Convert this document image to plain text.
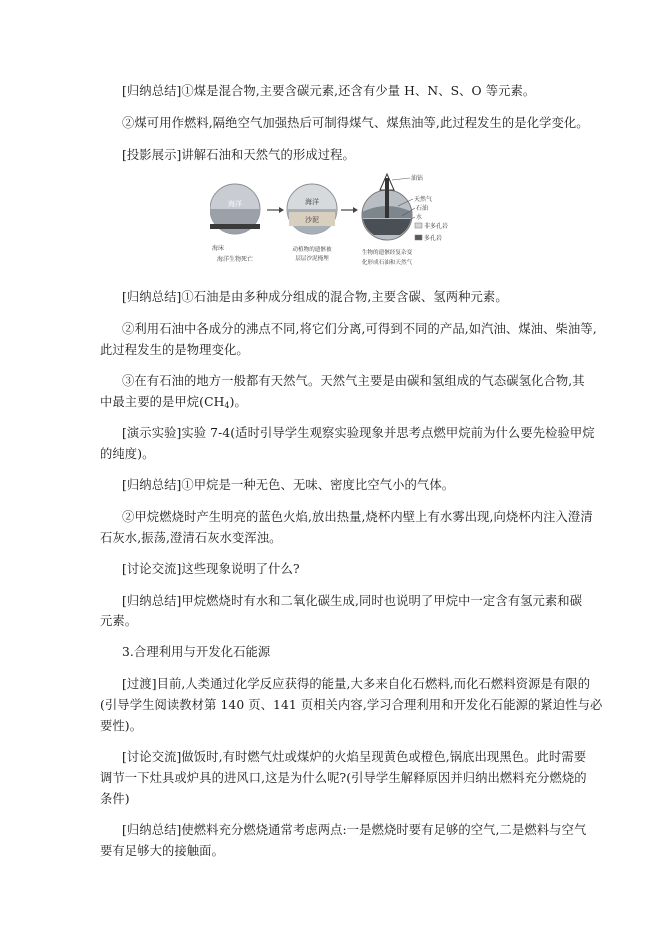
[归纳总结]①煤是混合物,主要含碳元素,还含有少量 H、N、S、O 等元素。
②煤可用作燃料,隔绝空气加强热后可制得煤气、煤焦油等,此过程发生的是化学变化。
[投影展示]讲解石油和天然气的形成过程。
海洋
海床
海洋生物死亡
海洋
沙泥
动植物的遗骸被
层层沙泥掩埋
油钻
天然气
石油
水
非多孔岩
多孔岩
生物的遗骸经复杂变
化形成石油和天然气
[归纳总结]①石油是由多种成分组成的混合物,主要含碳、氢两种元素。
②利用石油中各成分的沸点不同,将它们分离,可得到不同的产品,如汽油、煤油、柴油等,
此过程发生的是物理变化。
③在有石油的地方一般都有天然气。天然气主要是由碳和氢组成的气态碳氢化合物,其
中最主要的是甲烷$(CH_4)$。
[演示实验]实验 7-4(适时引导学生观察实验现象并思考点燃甲烷前为什么要先检验甲烷
的纯度)。
[归纳总结]①甲烷是一种无色、无味、密度比空气小的气体。
②甲烷燃烧时产生明亮的蓝色火焰,放出热量,烧杯内壁上有水雾出现,向烧杯内注入澄清
石灰水,振荡,澄清石灰水变浑浊。
[讨论交流]这些现象说明了什么?
[归纳总结]甲烷燃烧时有水和二氧化碳生成,同时也说明了甲烷中一定含有氢元素和碳
元素。
3.合理利用与开发化石能源
[过渡]目前,人类通过化学反应获得的能量,大多来自化石燃料,而化石燃料资源是有限的
(引导学生阅读教材第 140 页、141 页相关内容,学习合理利用和开发化石能源的紧迫性与必
要性)。
[讨论交流]做饭时,有时燃气灶或煤炉的火焰呈现黄色或橙色,锅底出现黑色。此时需要
调节一下灶具或炉具的进风口,这是为什么呢?(引导学生解释原因并归纳出燃料充分燃烧的
条件)
[归纳总结]使燃料充分燃烧通常考虑两点:一是燃烧时要有足够的空气,二是燃料与空气
要有足够大的接触面。
